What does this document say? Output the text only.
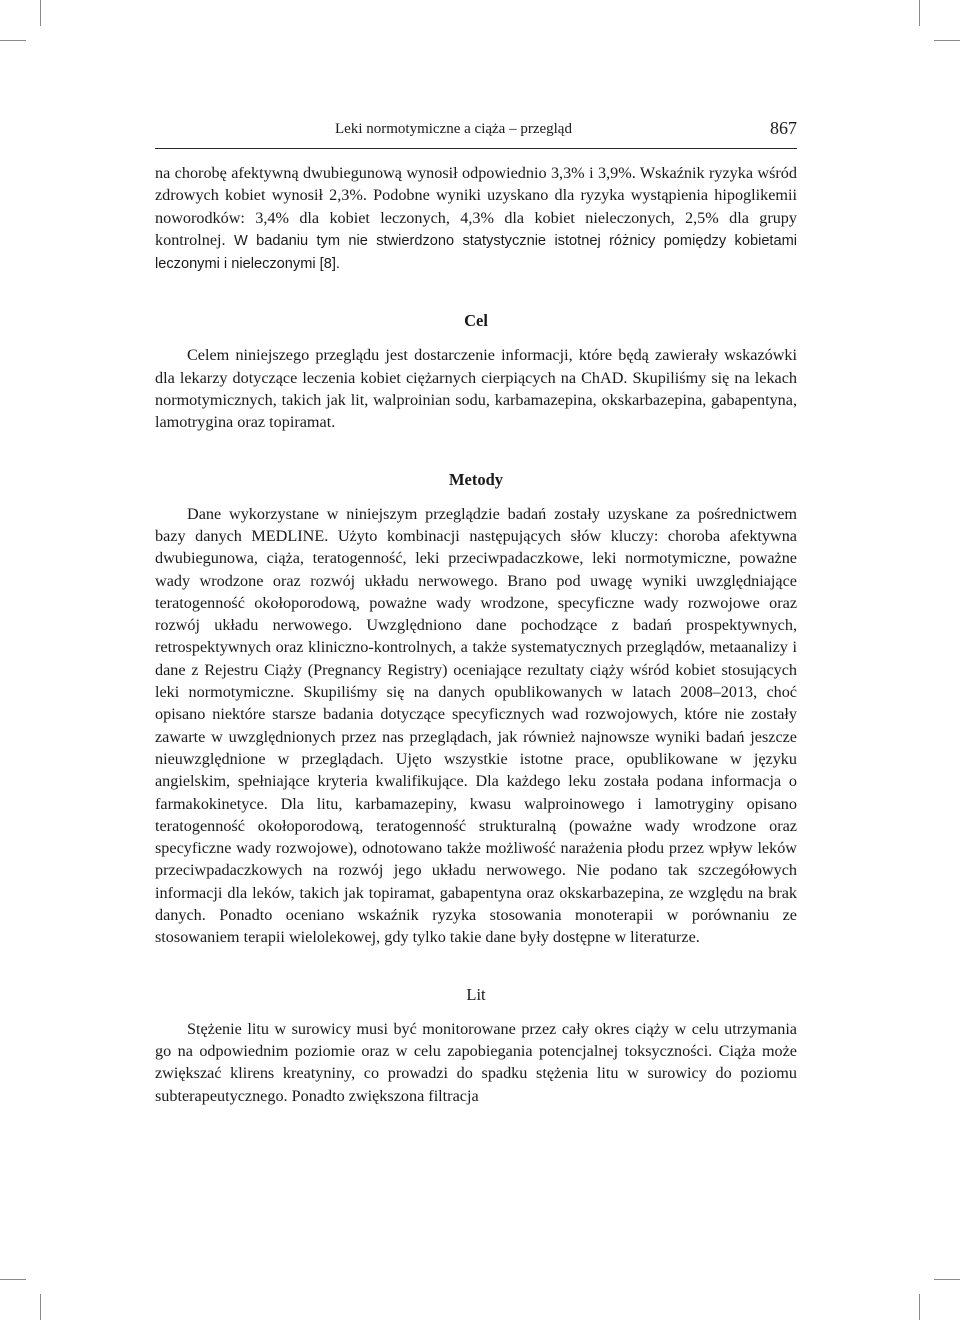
Leki normotymiczne a ciąża – przegląd	867

na chorobę afektywną dwubiegunową wynosił odpowiednio 3,3% i 3,9%. Wskaźnik ryzyka wśród zdrowych kobiet wynosił 2,3%. Podobne wyniki uzyskano dla ryzyka wystąpienia hipoglikemii noworodków: 3,4% dla kobiet leczonych, 4,3% dla kobiet nieleczonych, 2,5% dla grupy kontrolnej. W badaniu tym nie stwierdzono statystycznie istotnej różnicy pomiędzy kobietami leczonymi i nieleczonymi [8].

Cel

Celem niniejszego przeglądu jest dostarczenie informacji, które będą zawierały wskazówki dla lekarzy dotyczące leczenia kobiet ciężarnych cierpiących na ChAD. Skupiliśmy się na lekach normotymicznych, takich jak lit, walproinian sodu, karbamazepina, okskarbazepina, gabapentyna, lamotrygina oraz topiramat.

Metody

Dane wykorzystane w niniejszym przeglądzie badań zostały uzyskane za pośrednictwem bazy danych MEDLINE. Użyto kombinacji następujących słów kluczy: choroba afektywna dwubiegunowa, ciąża, teratogenność, leki przeciwpadaczkowe, leki normotymiczne, poważne wady wrodzone oraz rozwój układu nerwowego. Brano pod uwagę wyniki uwzględniające teratogenność okołoporodową, poważne wady wrodzone, specyficzne wady rozwojowe oraz rozwój układu nerwowego. Uwzględniono dane pochodzące z badań prospektywnych, retrospektywnych oraz kliniczno-kontrolnych, a także systematycznych przeglądów, metaanalizy i dane z Rejestru Ciąży (Pregnancy Registry) oceniające rezultaty ciąży wśród kobiet stosujących leki normotymiczne. Skupiliśmy się na danych opublikowanych w latach 2008–2013, choć opisano niektóre starsze badania dotyczące specyficznych wad rozwojowych, które nie zostały zawarte w uwzględnionych przez nas przeglądach, jak również najnowsze wyniki badań jeszcze nieuwzględnione w przeglądach. Ujęto wszystkie istotne prace, opublikowane w języku angielskim, spełniające kryteria kwalifikujące. Dla każdego leku została podana informacja o farmakokinetyce. Dla litu, karbamazepiny, kwasu walproinowego i lamotryginy opisano teratogenność okołoporodową, teratogenność strukturalną (poważne wady wrodzone oraz specyficzne wady rozwojowe), odnotowano także możliwość narażenia płodu przez wpływ leków przeciwpadaczkowych na rozwój jego układu nerwowego. Nie podano tak szczegółowych informacji dla leków, takich jak topiramat, gabapentyna oraz okskarbazepina, ze względu na brak danych. Ponadto oceniano wskaźnik ryzyka stosowania monoterapii w porównaniu ze stosowaniem terapii wielolekowej, gdy tylko takie dane były dostępne w literaturze.

Lit

Stężenie litu w surowicy musi być monitorowane przez cały okres ciąży w celu utrzymania go na odpowiednim poziomie oraz w celu zapobiegania potencjalnej toksyczności. Ciąża może zwiększać klirens kreatyniny, co prowadzi do spadku stężenia litu w surowicy do poziomu subterapeutycznego. Ponadto zwiększona filtracja
